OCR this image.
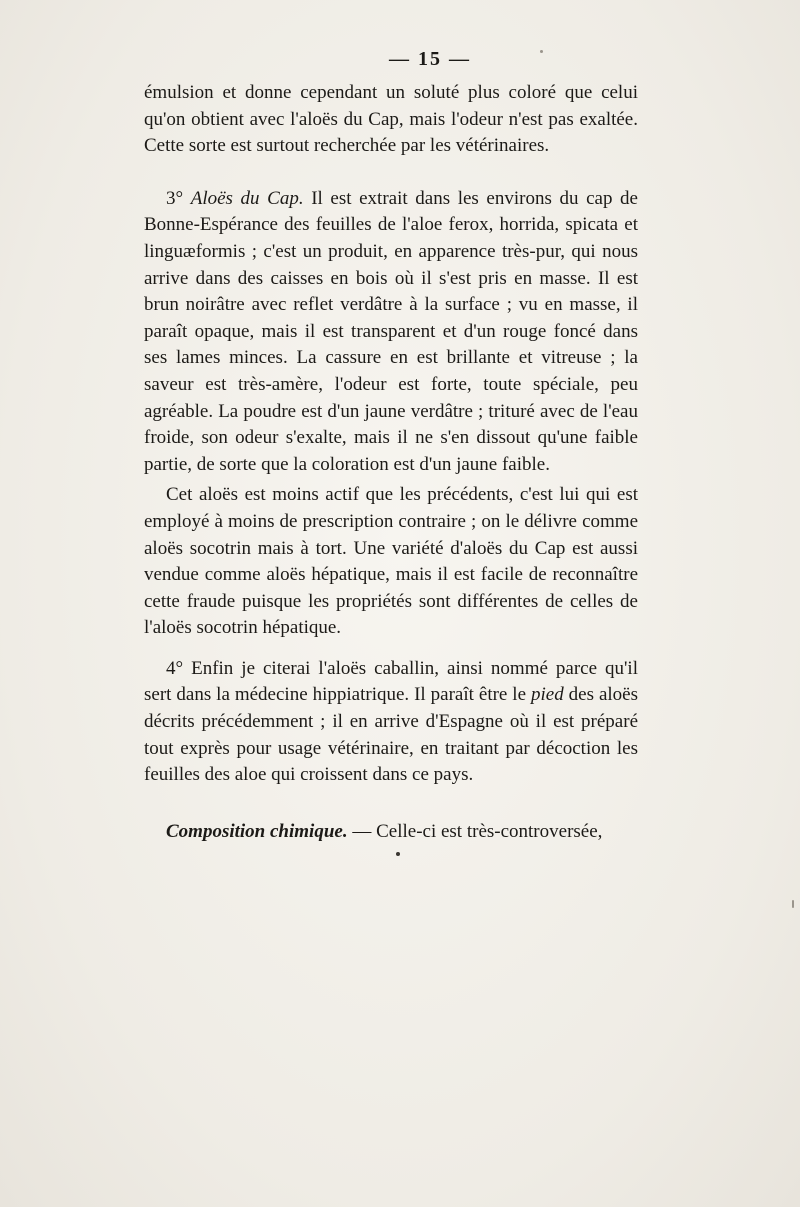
— 15 —

émulsion et donne cependant un soluté plus coloré que celui qu'on obtient avec l'aloës du Cap, mais l'odeur n'est pas exaltée. Cette sorte est surtout recherchée par les vétérinaires.

3° Aloës du Cap. Il est extrait dans les environs du cap de Bonne-Espérance des feuilles de l'aloe ferox, horrida, spicata et linguæformis ; c'est un produit, en apparence très-pur, qui nous arrive dans des caisses en bois où il s'est pris en masse. Il est brun noirâtre avec reflet verdâtre à la surface ; vu en masse, il paraît opaque, mais il est transparent et d'un rouge foncé dans ses lames minces. La cassure en est brillante et vitreuse ; la saveur est très-amère, l'odeur est forte, toute spéciale, peu agréable. La poudre est d'un jaune verdâtre ; trituré avec de l'eau froide, son odeur s'exalte, mais il ne s'en dissout qu'une faible partie, de sorte que la coloration est d'un jaune faible.

Cet aloës est moins actif que les précédents, c'est lui qui est employé à moins de prescription contraire ; on le délivre comme aloës socotrin mais à tort. Une variété d'aloës du Cap est aussi vendue comme aloës hépatique, mais il est facile de reconnaître cette fraude puisque les propriétés sont différentes de celles de l'aloës socotrin hépatique.

4° Enfin je citerai l'aloës caballin, ainsi nommé parce qu'il sert dans la médecine hippiatrique. Il paraît être le pied des aloës décrits précédemment ; il en arrive d'Espagne où il est préparé tout exprès pour usage vétérinaire, en traitant par décoction les feuilles des aloe qui croissent dans ce pays.

Composition chimique. — Celle-ci est très-controversée,
